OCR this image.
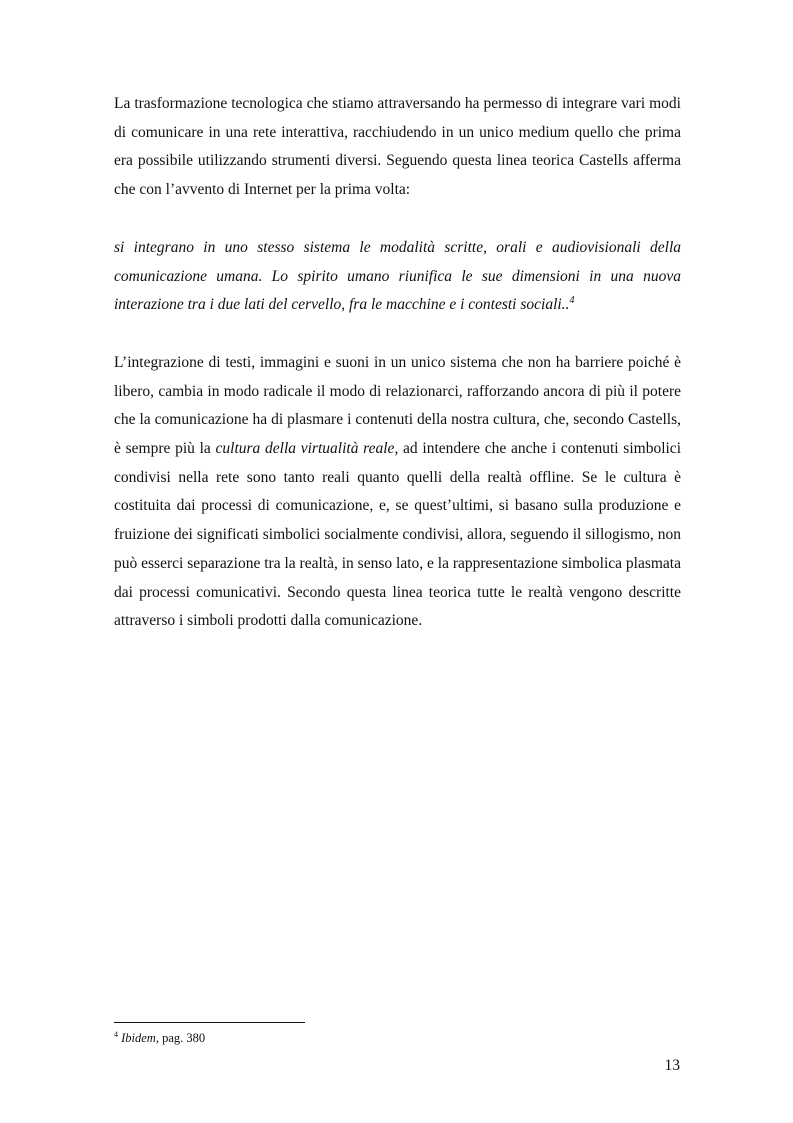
La trasformazione tecnologica che stiamo attraversando ha permesso di integrare vari modi di comunicare in una rete interattiva, racchiudendo in un unico medium quello che prima era possibile utilizzando strumenti diversi. Seguendo questa linea teorica Castells afferma che con l’avvento di Internet per la prima volta:

si integrano in uno stesso sistema le modalità scritte, orali e audiovisionali della comunicazione umana. Lo spirito umano riunifica le sue dimensioni in una nuova interazione tra i due lati del cervello, fra le macchine e i contesti sociali..$^4$

L’integrazione di testi, immagini e suoni in un unico sistema che non ha barriere poiché è libero, cambia in modo radicale il modo di relazionarci, rafforzando ancora di più il potere che la comunicazione ha di plasmare i contenuti della nostra cultura, che, secondo Castells, è sempre più la cultura della virtualità reale, ad intendere che anche i contenuti simbolici condivisi nella rete sono tanto reali quanto quelli della realtà offline. Se le cultura è costituita dai processi di comunicazione, e, se quest’ultimi, si basano sulla produzione e fruizione dei significati simbolici socialmente condivisi, allora, seguendo il sillogismo, non può esserci separazione tra la realtà, in senso lato, e la rappresentazione simbolica plasmata dai processi comunicativi. Secondo questa linea teorica tutte le realtà vengono descritte attraverso i simboli prodotti dalla comunicazione.

$^4$ Ibidem, pag. 380
13
